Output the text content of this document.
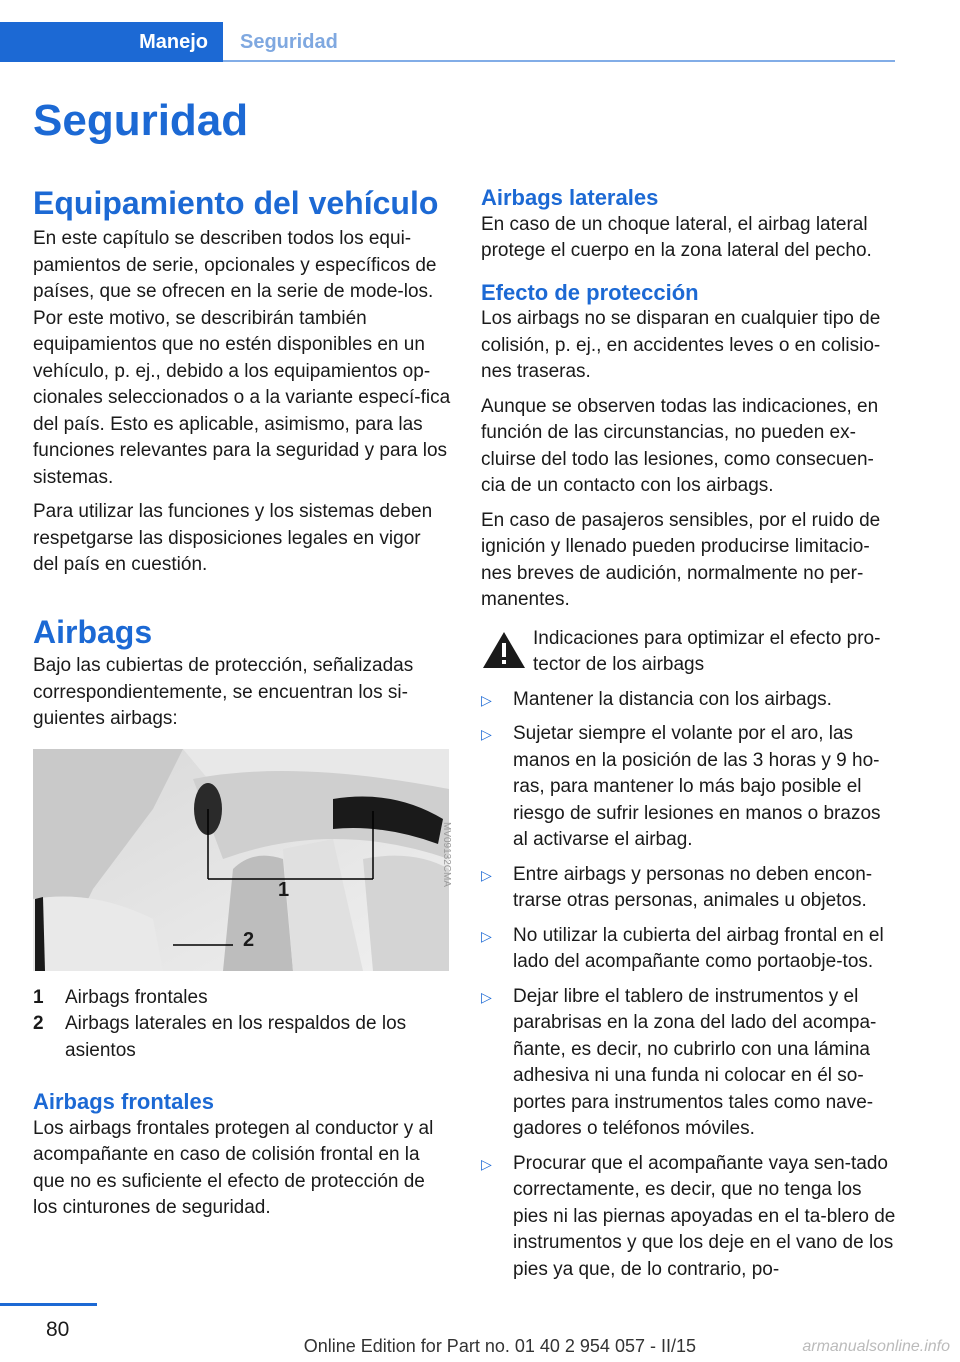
Manejo	Seguridad
Seguridad
Equipamiento del vehículo
En este capítulo se describen todos los equi-pamientos de serie, opcionales y específicos de países, que se ofrecen en la serie de mode-los. Por este motivo, se describirán también equipamientos que no estén disponibles en un vehículo, p. ej., debido a los equipamientos op-cionales seleccionados o a la variante especí-fica del país. Esto es aplicable, asimismo, para las funciones relevantes para la seguridad y para los sistemas.
Para utilizar las funciones y los sistemas deben respetgarse las disposiciones legales en vigor del país en cuestión.
Airbags
Bajo las cubiertas de protección, señalizadas correspondientemente, se encuentran los si-guientes airbags:
1
2
MV09132CMA
1	Airbags frontales
2	Airbags laterales en los respaldos de los asientos
Airbags frontales
Los airbags frontales protegen al conductor y al acompañante en caso de colisión frontal en la que no es suficiente el efecto de protección de los cinturones de seguridad.
Airbags laterales
En caso de un choque lateral, el airbag lateral protege el cuerpo en la zona lateral del pecho.
Efecto de protección
Los airbags no se disparan en cualquier tipo de colisión, p. ej., en accidentes leves o en colisio-nes traseras.
Aunque se observen todas las indicaciones, en función de las circunstancias, no pueden ex-cluirse del todo las lesiones, como consecuen-cia de un contacto con los airbags.
En caso de pasajeros sensibles, por el ruido de ignición y llenado pueden producirse limitacio-nes breves de audición, normalmente no per-manentes.
Indicaciones para optimizar el efecto pro-tector de los airbags
▷	Mantener la distancia con los airbags.
▷	Sujetar siempre el volante por el aro, las manos en la posición de las 3 horas y 9 ho-ras, para mantener lo más bajo posible el riesgo de sufrir lesiones en manos o brazos al activarse el airbag.
▷	Entre airbags y personas no deben encon-trarse otras personas, animales u objetos.
▷	No utilizar la cubierta del airbag frontal en el lado del acompañante como portaobje-tos.
▷	Dejar libre el tablero de instrumentos y el parabrisas en la zona del lado del acompa-ñante, es decir, no cubrirlo con una lámina adhesiva ni una funda ni colocar en él so-portes para instrumentos tales como nave-gadores o teléfonos móviles.
▷	Procurar que el acompañante vaya sen-tado correctamente, es decir, que no tenga los pies ni las piernas apoyadas en el ta-blero de instrumentos y que los deje en el vano de los pies ya que, de lo contrario, po-
80
Online Edition for Part no. 01 40 2 954 057 - II/15	armanualsonline.info
